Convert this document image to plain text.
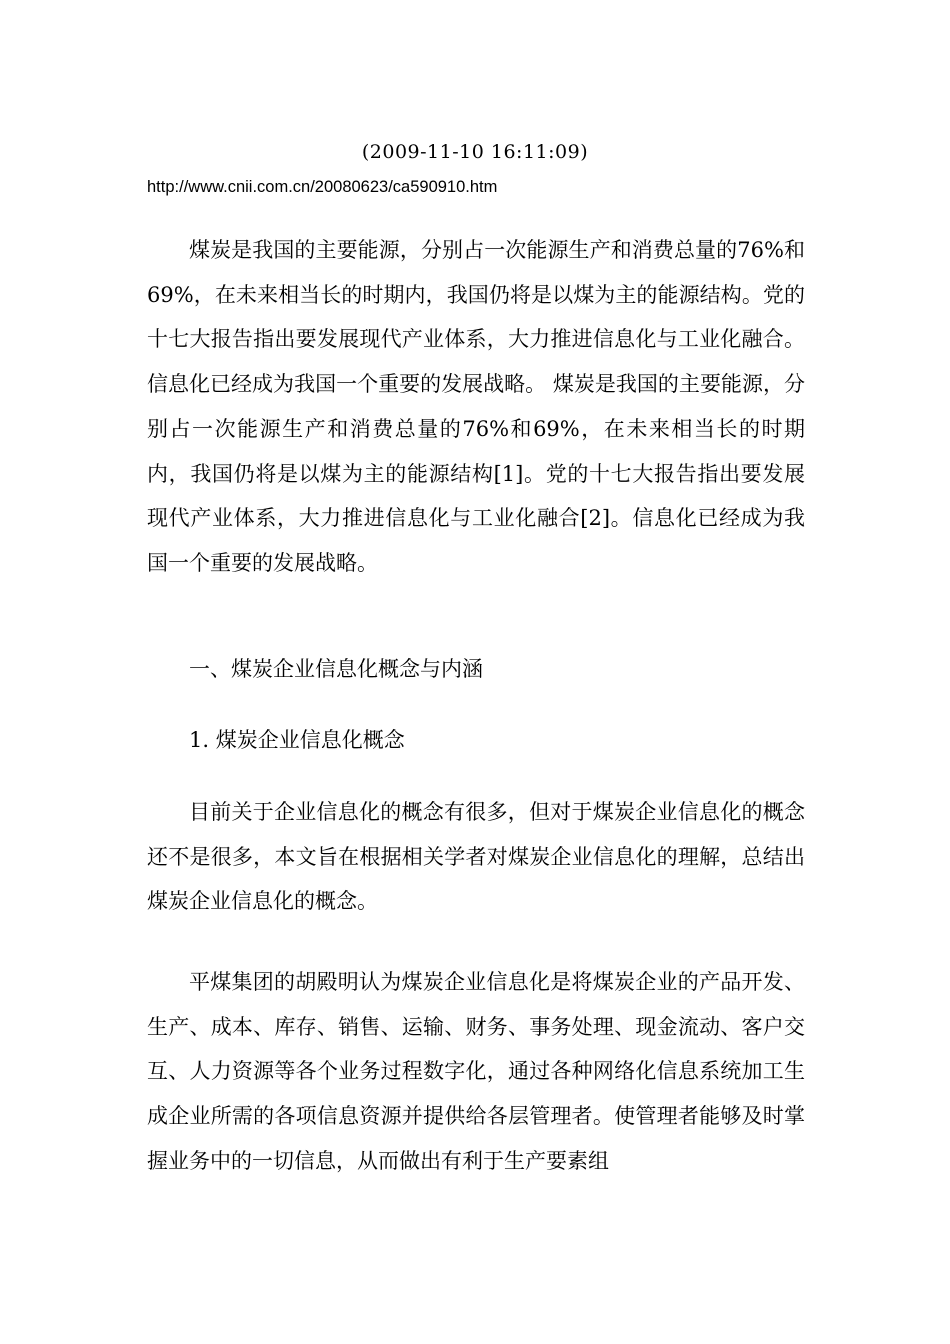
(2009-11-10 16:11:09)
http://www.cnii.com.cn/20080623/ca590910.htm

煤炭是我国的主要能源，分别占一次能源生产和消费总量的76%和69%，在未来相当长的时期内，我国仍将是以煤为主的能源结构。党的十七大报告指出要发展现代产业体系，大力推进信息化与工业化融合。信息化已经成为我国一个重要的发展战略。 煤炭是我国的主要能源，分别占一次能源生产和消费总量的76%和69%，在未来相当长的时期内，我国仍将是以煤为主的能源结构[1]。党的十七大报告指出要发展现代产业体系，大力推进信息化与工业化融合[2]。信息化已经成为我国一个重要的发展战略。

一、煤炭企业信息化概念与内涵

1. 煤炭企业信息化概念

目前关于企业信息化的概念有很多，但对于煤炭企业信息化的概念还不是很多，本文旨在根据相关学者对煤炭企业信息化的理解，总结出煤炭企业信息化的概念。

平煤集团的胡殿明认为煤炭企业信息化是将煤炭企业的产品开发、生产、成本、库存、销售、运输、财务、事务处理、现金流动、客户交互、人力资源等各个业务过程数字化，通过各种网络化信息系统加工生成企业所需的各项信息资源并提供给各层管理者。使管理者能够及时掌握业务中的一切信息，从而做出有利于生产要素组
